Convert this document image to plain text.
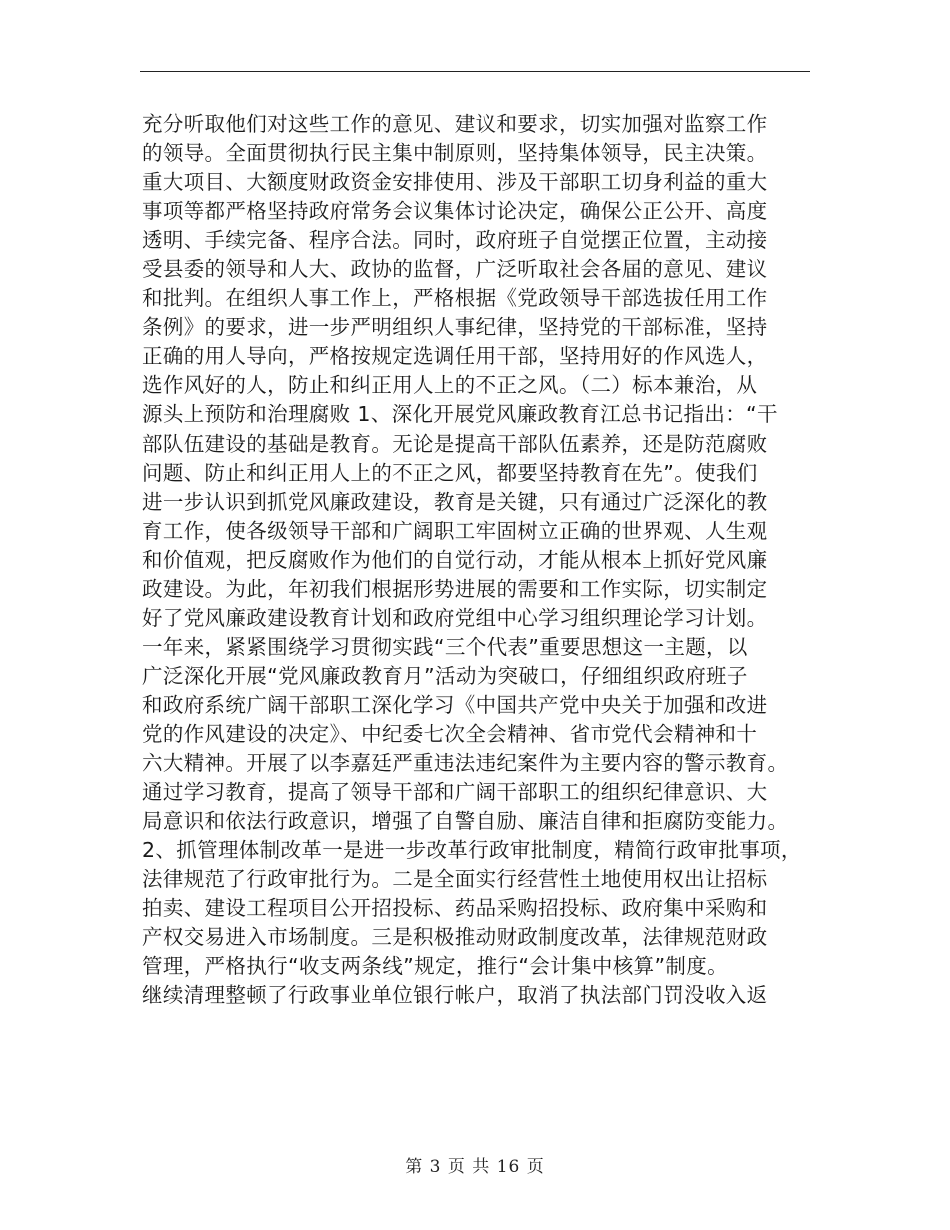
充分听取他们对这些工作的意见、建议和要求，切实加强对监察工作
的领导。全面贯彻执行民主集中制原则，坚持集体领导，民主决策。
重大项目、大额度财政资金安排使用、涉及干部职工切身利益的重大
事项等都严格坚持政府常务会议集体讨论决定，确保公正公开、高度
透明、手续完备、程序合法。同时，政府班子自觉摆正位置，主动接
受县委的领导和人大、政协的监督，广泛听取社会各届的意见、建议
和批判。在组织人事工作上，严格根据《党政领导干部选拔任用工作
条例》的要求，进一步严明组织人事纪律，坚持党的干部标准，坚持
正确的用人导向，严格按规定选调任用干部，坚持用好的作风选人，
选作风好的人，防止和纠正用人上的不正之风。（二）标本兼治，从
源头上预防和治理腐败 1、深化开展党风廉政教育江总书记指出：“干
部队伍建设的基础是教育。无论是提高干部队伍素养，还是防范腐败
问题、防止和纠正用人上的不正之风，都要坚持教育在先”。使我们
进一步认识到抓党风廉政建设，教育是关键，只有通过广泛深化的教
育工作，使各级领导干部和广阔职工牢固树立正确的世界观、人生观
和价值观，把反腐败作为他们的自觉行动，才能从根本上抓好党风廉
政建设。为此，年初我们根据形势进展的需要和工作实际，切实制定
好了党风廉政建设教育计划和政府党组中心学习组织理论学习计划。
一年来，紧紧围绕学习贯彻实践“三个代表”重要思想这一主题，以
广泛深化开展“党风廉政教育月”活动为突破口，仔细组织政府班子
和政府系统广阔干部职工深化学习《中国共产党中央关于加强和改进
党的作风建设的决定》、中纪委七次全会精神、省市党代会精神和十
六大精神。开展了以李嘉廷严重违法违纪案件为主要内容的警示教育。
通过学习教育，提高了领导干部和广阔干部职工的组织纪律意识、大
局意识和依法行政意识，增强了自警自励、廉洁自律和拒腐防变能力。
2、抓管理体制改革一是进一步改革行政审批制度，精简行政审批事项，
法律规范了行政审批行为。二是全面实行经营性土地使用权出让招标
拍卖、建设工程项目公开招投标、药品采购招投标、政府集中采购和
产权交易进入市场制度。三是积极推动财政制度改革，法律规范财政
管理，严格执行“收支两条线”规定，推行“会计集中核算”制度。
继续清理整顿了行政事业单位银行帐户，取消了执法部门罚没收入返
第 3 页 共 16 页
